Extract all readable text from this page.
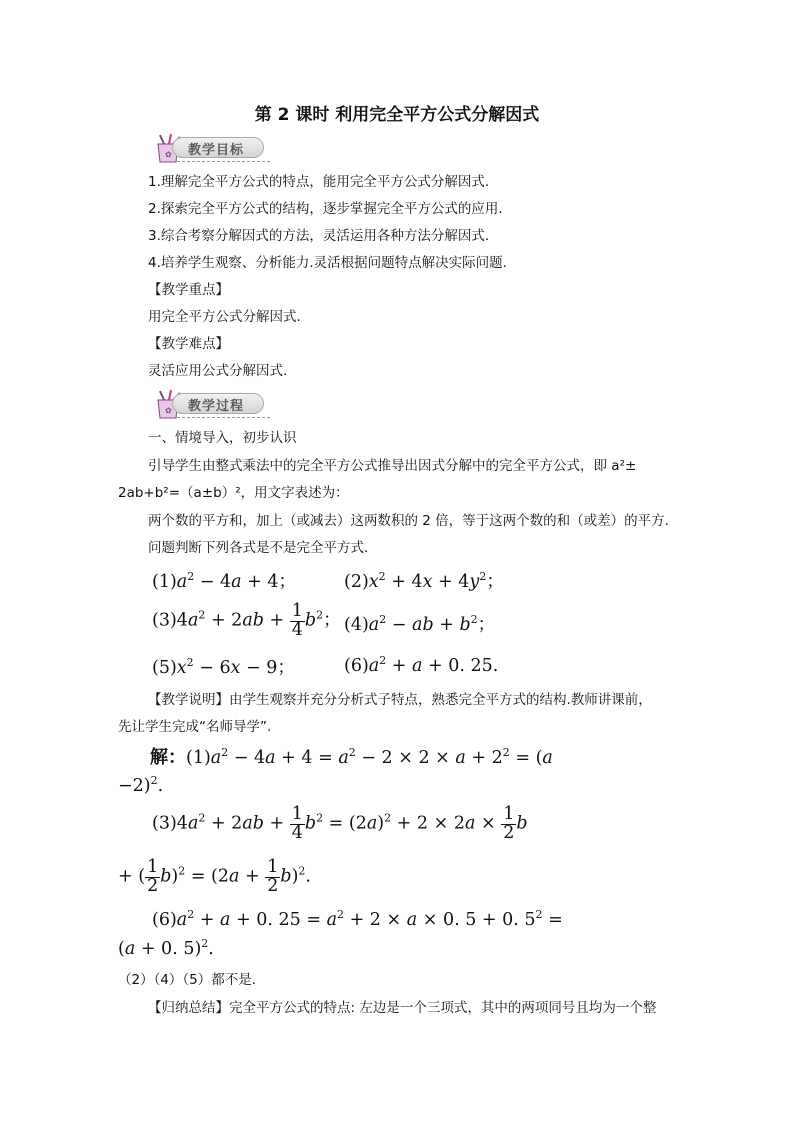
第 2 课时 利用完全平方公式分解因式
✿ 教学目标
1.理解完全平方公式的特点，能用完全平方公式分解因式.
2.探索完全平方公式的结构，逐步掌握完全平方公式的应用.
3.综合考察分解因式的方法，灵活运用各种方法分解因式.
4.培养学生观察、分析能力.灵活根据问题特点解决实际问题.
【教学重点】
用完全平方公式分解因式.
【教学难点】
灵活应用公式分解因式.
✿ 教学过程
一、情境导入，初步认识
引导学生由整式乘法中的完全平方公式推导出因式分解中的完全平方公式，即 a²±
2ab+b²=（a±b）²，用文字表述为：
两个数的平方和，加上（或减去）这两数积的 2 倍，等于这两个数的和（或差）的平方.
问题判断下列各式是不是完全平方式.
$(1)a^2 - 4a + 4$；	$(2)x^2 + 4x + 4y^2$；
$(3)4a^2 + 2ab + \frac{1}{4} b^2$； $(4)a^2$ − ab + $b^2$；
$(5)x^2 - 6x - 9$；	$(6)a^2 + a + 0$. 25.
【教学说明】由学生观察并充分分析式子特点，熟悉完全平方式的结构.教师讲课前，
先让学生完成“名师导学”.
解：$(1)a^2 - 4a + 4 = a^2 - 2 \times 2 \times a + 2^2 = (a$
−2)$^2$.
$(3)4a^2 + 2ab + \frac{1}{4} b^2 = (2a)^2 + 2 \times 2a \times \frac{1}{2}$ b
+ ( $\frac{1}{2} b)^2 = (2a + \frac{1}{2} b)^2$.
$(6)a^2 + a + 0$. $25 = a^2 + 2 \times a \times 0$. 5 + 0. $5^2$ =
(a + 0. 5)$^2$.
（2）（4）（5）都不是.
【归纳总结】完全平方公式的特点: 左边是一个三项式，其中的两项同号且均为一个整
